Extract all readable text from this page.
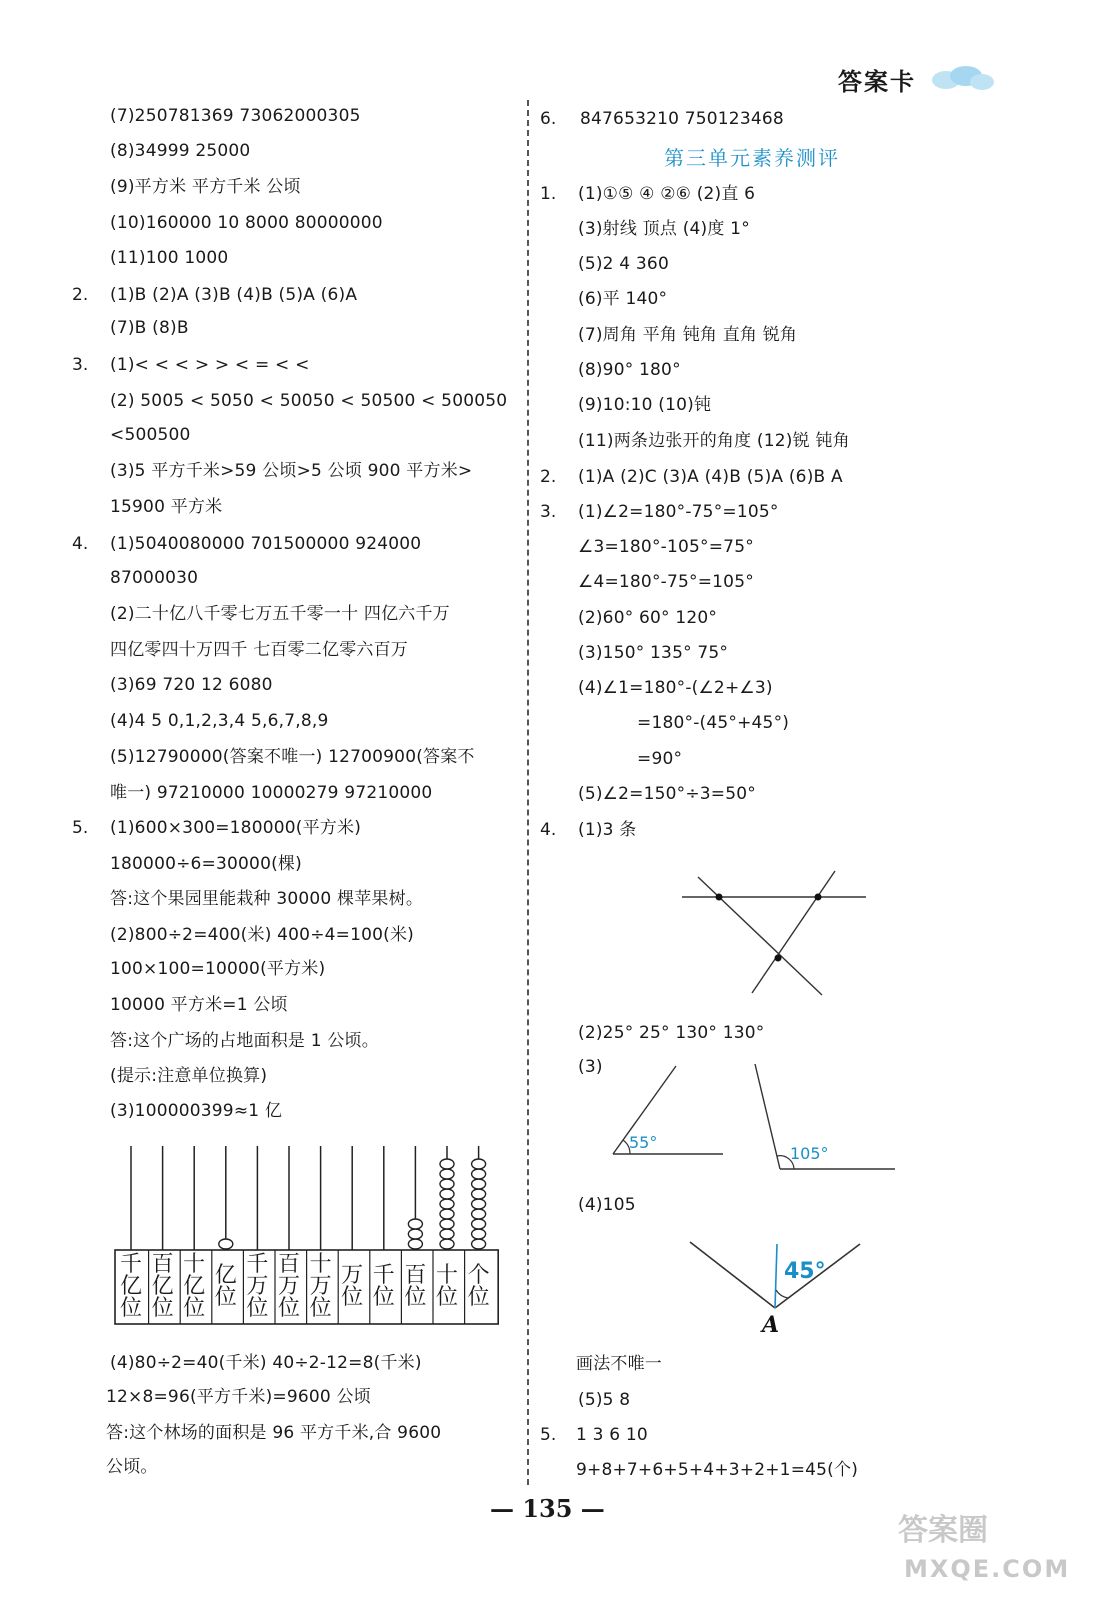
答案卡
(7)250781369 73062000305
(8)34999 25000
(9)平方米 平方千米 公顷
(10)160000 10 8000 80000000
(11)100 1000
(1)B (2)A (3)B (4)B (5)A (6)A
(7)B (8)B
(1)< < < > > < = < <
(2) 5005 < 5050 < 50050 < 50500 < 500050
<500500
(3)5 平方千米>59 公顷>5 公顷 900 平方米>
15900 平方米
(1)5040080000 701500000 924000
87000030
(2)二十亿八千零七万五千零一十 四亿六千万
四亿零四十万四千 七百零二亿零六百万
(3)69 720 12 6080
(4)4 5 0,1,2,3,4 5,6,7,8,9
(5)12790000(答案不唯一) 12700900(答案不
唯一) 97210000 10000279 97210000
(1)600×300=180000(平方米)
180000÷6=30000(棵)
答:这个果园里能栽种 30000 棵苹果树。
(2)800÷2=400(米) 400÷4=100(米)
100×100=10000(平方米)
10000 平方米=1 公顷
答:这个广场的占地面积是 1 公顷。
(提示:注意单位换算)
(3)100000399≈1 亿
(4)80÷2=40(千米) 40÷2-12=8(千米)
12×8=96(平方千米)=9600 公顷
答:这个林场的面积是 96 平方千米,合 9600
公顷。
2.
3.
4.
5.
千亿位
百亿位
十亿位
亿位
千万位
百万位
十万位
万位
千位
百位
十位
个位
第三单元素养测评
847653210 750123468
(1)①⑤ ④ ②⑥ (2)直 6
(3)射线 顶点 (4)度 1°
(5)2 4 360
(6)平 140°
(7)周角 平角 钝角 直角 锐角
(8)90° 180°
(9)10:10 (10)钝
(11)两条边张开的角度 (12)锐 钝角
(1)A (2)C (3)A (4)B (5)A (6)B A
(1)∠2=180°-75°=105°
∠3=180°-105°=75°
∠4=180°-75°=105°
(2)60° 60° 120°
(3)150° 135° 75°
(4)∠1=180°-(∠2+∠3)
=180°-(45°+45°)
=90°
(5)∠2=150°÷3=50°
(1)3 条
(2)25° 25° 130° 130°
(3)
(4)105
画法不唯一
(5)5 8
1 3 6 10
9+8+7+6+5+4+3+2+1=45(个)
6.
1.
2.
3.
4.
5.
55°
105°
45°
A
— 135 —
答案圈
MXQE.COM
